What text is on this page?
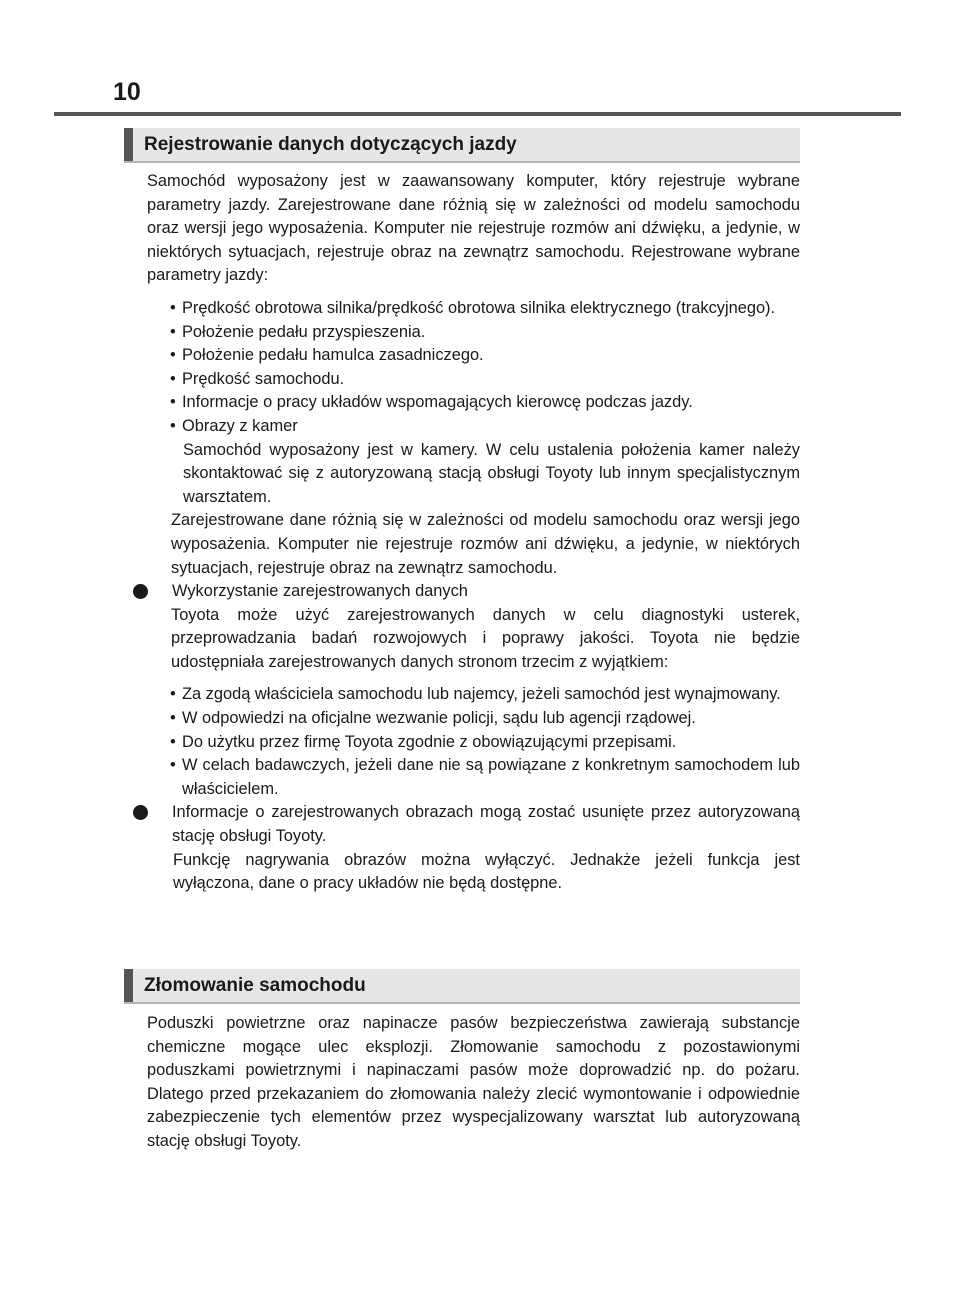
10
Rejestrowanie danych dotyczących jazdy

Samochód wyposażony jest w zaawansowany komputer, który rejestruje wybrane parametry jazdy. Zarejestrowane dane różnią się w zależności od modelu samochodu oraz wersji jego wyposażenia. Komputer nie rejestruje rozmów ani dźwięku, a jedynie, w niektórych sytuacjach, rejestruje obraz na zewnątrz samochodu. Rejestrowane wybrane parametry jazdy:

• Prędkość obrotowa silnika/prędkość obrotowa silnika elektrycznego (trakcyjnego).

• Położenie pedału przyspieszenia.

• Położenie pedału hamulca zasadniczego.

• Prędkość samochodu.

• Informacje o pracy układów wspomagających kierowcę podczas jazdy.

• Obrazy z kamer

Samochód wyposażony jest w kamery. W celu ustalenia położenia kamer należy skontaktować się z autoryzowaną stacją obsługi Toyoty lub innym specjalistycznym warsztatem.

Zarejestrowane dane różnią się w zależności od modelu samochodu oraz wersji jego wyposażenia. Komputer nie rejestruje rozmów ani dźwięku, a jedynie, w niektórych sytuacjach, rejestruje obraz na zewnątrz samochodu.

Wykorzystanie zarejestrowanych danych

Toyota może użyć zarejestrowanych danych w celu diagnostyki usterek, przeprowadzania badań rozwojowych i poprawy jakości. Toyota nie będzie udostępniała zarejestrowanych danych stronom trzecim z wyjątkiem:

• Za zgodą właściciela samochodu lub najemcy, jeżeli samochód jest wynajmowany.

• W odpowiedzi na oficjalne wezwanie policji, sądu lub agencji rządowej.

• Do użytku przez firmę Toyota zgodnie z obowiązującymi przepisami.

• W celach badawczych, jeżeli dane nie są powiązane z konkretnym samochodem lub właścicielem.

Informacje o zarejestrowanych obrazach mogą zostać usunięte przez autoryzowaną stację obsługi Toyoty.

Funkcję nagrywania obrazów można wyłączyć. Jednakże jeżeli funkcja jest wyłączona, dane o pracy układów nie będą dostępne.

Złomowanie samochodu

Poduszki powietrzne oraz napinacze pasów bezpieczeństwa zawierają substancje chemiczne mogące ulec eksplozji. Złomowanie samochodu z pozostawionymi poduszkami powietrznymi i napinaczami pasów może doprowadzić np. do pożaru. Dlatego przed przekazaniem do złomowania należy zlecić wymontowanie i odpowiednie zabezpieczenie tych elementów przez wyspecjalizowany warsztat lub autoryzowaną stację obsługi Toyoty.
